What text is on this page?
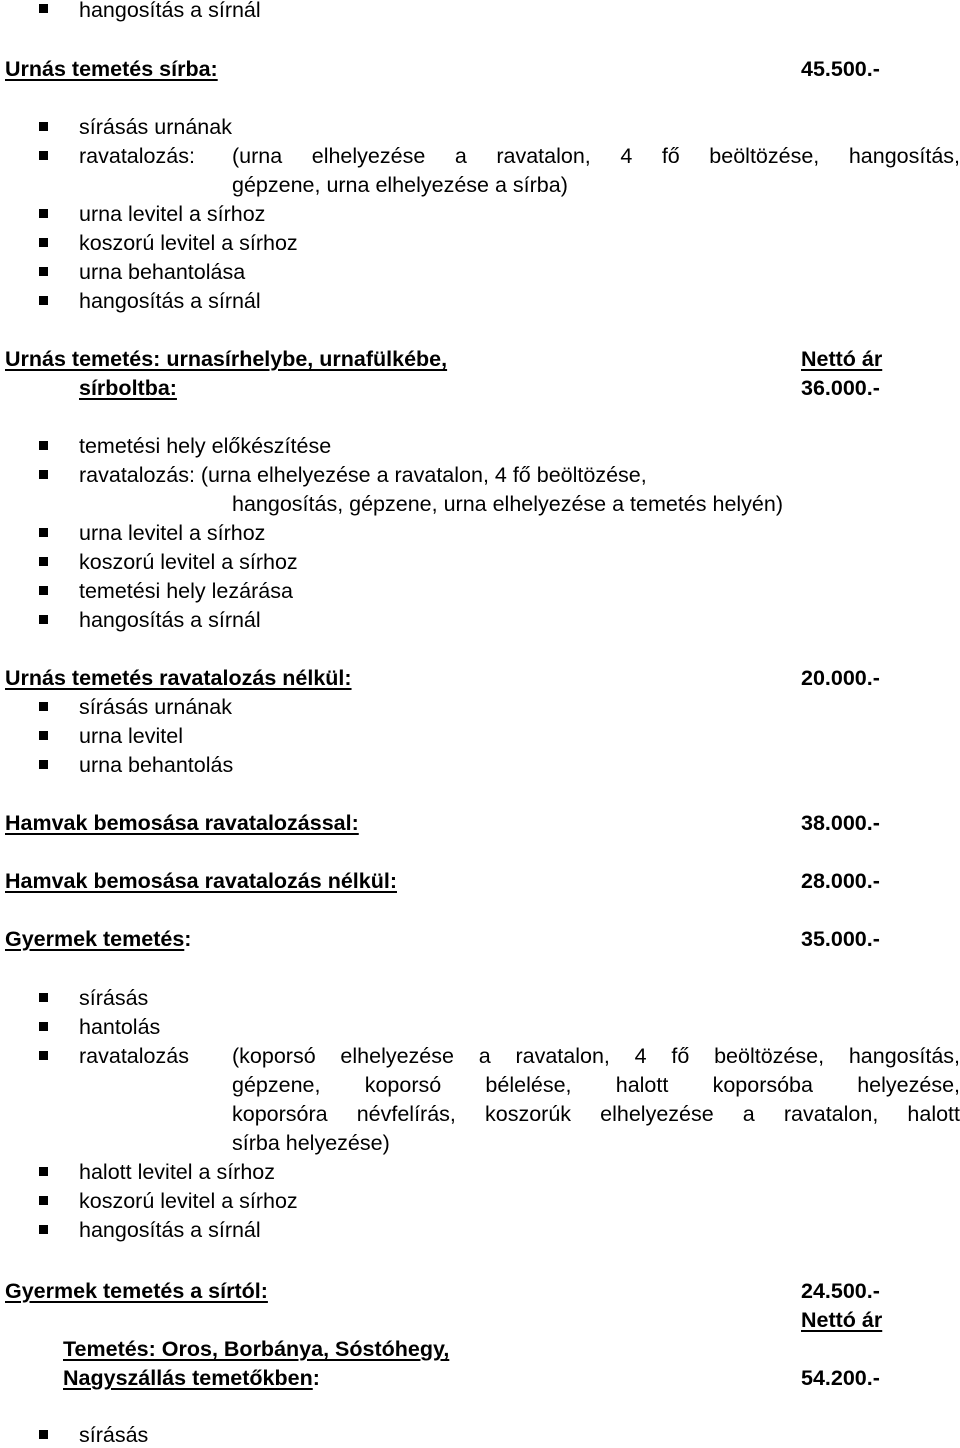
hangosítás a sírnál

Urnás temetés sírba:	45.500.-

sírásás urnának

ravatalozás: (urna elhelyezése a ravatalon, 4 fő beöltözése, hangosítás,

gépzene, urna elhelyezése a sírba)

urna levitel a sírhoz

koszorú levitel a sírhoz

urna behantolása

hangosítás a sírnál

Urnás temetés: urnasírhelybe, urnafülkébe,	Nettó ár

sírboltba:	36.000.-

temetési hely előkészítése

ravatalozás: (urna elhelyezése a ravatalon, 4 fő beöltözése,

hangosítás, gépzene, urna elhelyezése a temetés helyén)

urna levitel a sírhoz

koszorú levitel a sírhoz

temetési hely lezárása

hangosítás a sírnál

Urnás temetés ravatalozás nélkül:	20.000.-

sírásás urnának

urna levitel

urna behantolás

Hamvak bemosása ravatalozással:	38.000.-

Hamvak bemosása ravatalozás nélkül:	28.000.-

Gyermek temetés:	35.000.-

sírásás

hantolás

ravatalozás (koporsó elhelyezése a ravatalon, 4 fő beöltözése, hangosítás,

gépzene, koporsó bélelése, halott koporsóba helyezése,

koporsóra névfelírás, koszorúk elhelyezése a ravatalon, halott

sírba helyezése)

halott levitel a sírhoz

koszorú levitel a sírhoz

hangosítás a sírnál

Gyermek temetés a sírtól:	24.500.-

Nettó ár

Temetés: Oros, Borbánya, Sóstóhegy,

Nagyszállás temetőkben:	54.200.-

sírásás
